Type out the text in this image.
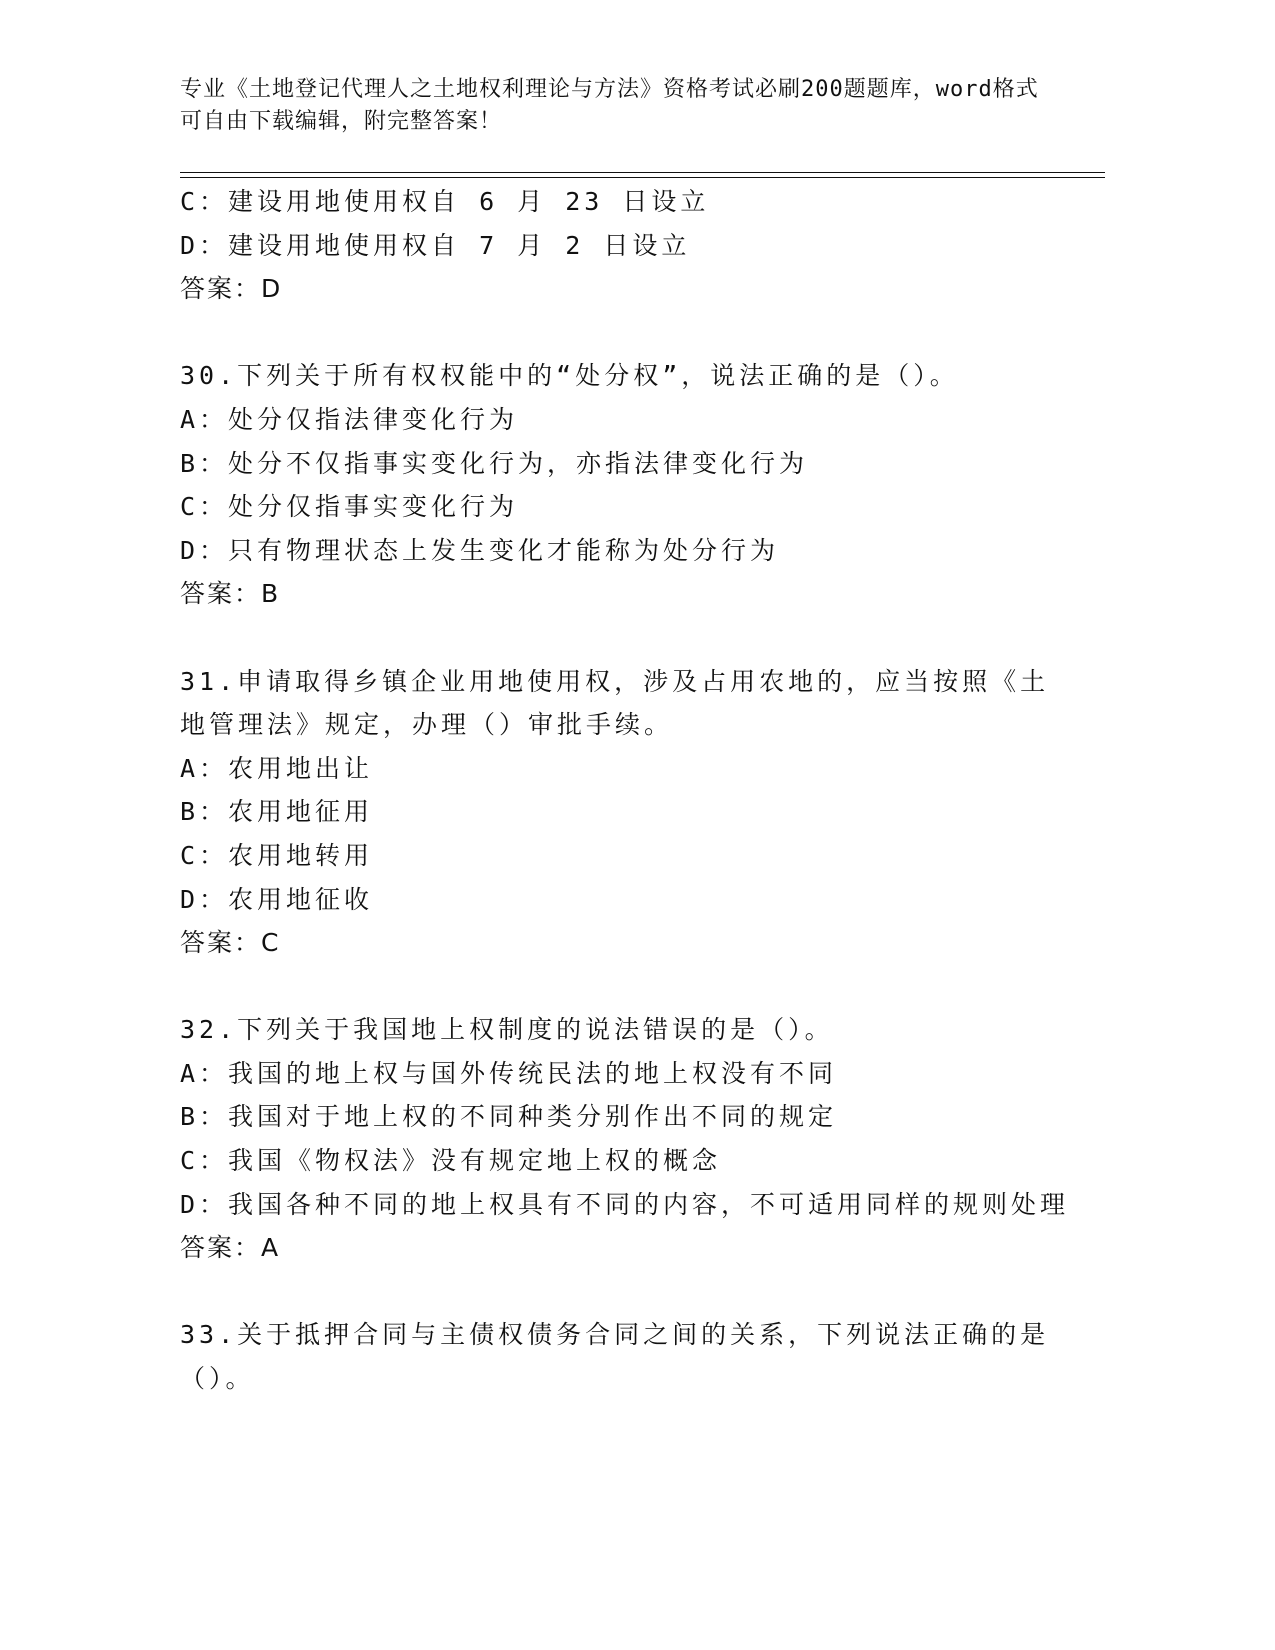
专业《土地登记代理人之土地权利理论与方法》资格考试必刷200题题库，word格式可自由下载编辑，附完整答案！
C：建设用地使用权自 6 月 23 日设立
D：建设用地使用权自 7 月 2 日设立
答案：D
30.下列关于所有权权能中的“处分权”，说法正确的是（）。
A：处分仅指法律变化行为
B：处分不仅指事实变化行为，亦指法律变化行为
C：处分仅指事实变化行为
D：只有物理状态上发生变化才能称为处分行为
答案：B
31.申请取得乡镇企业用地使用权，涉及占用农地的，应当按照《土地管理法》规定，办理（）审批手续。
A：农用地出让
B：农用地征用
C：农用地转用
D：农用地征收
答案：C
32.下列关于我国地上权制度的说法错误的是（）。
A：我国的地上权与国外传统民法的地上权没有不同
B：我国对于地上权的不同种类分别作出不同的规定
C：我国《物权法》没有规定地上权的概念
D：我国各种不同的地上权具有不同的内容，不可适用同样的规则处理
答案：A
33.关于抵押合同与主债权债务合同之间的关系，下列说法正确的是（）。
